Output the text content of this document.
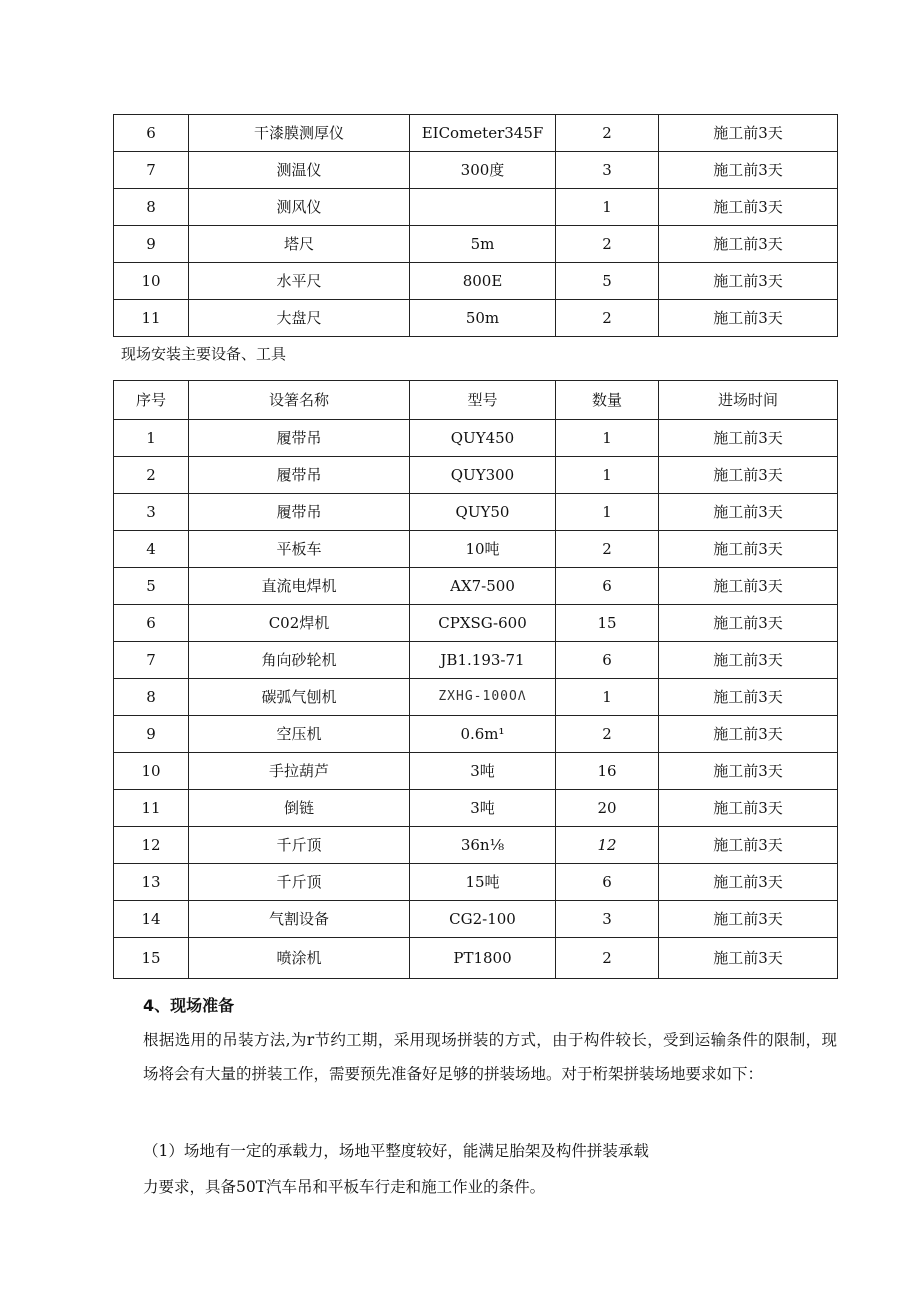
6	干漆膜测厚仪	EICometer345F	2	施工前3天
7	测温仪	300度	3	施工前3天
8	测风仪		1	施工前3天
9	塔尺	5m	2	施工前3天
10	水平尺	800E	5	施工前3天
11	大盘尺	50m	2	施工前3天
现场安装主要设备、工具
序号	设箸名称	型号	数量	进场时间
1	履带吊	QUY450	1	施工前3天
2	履带吊	QUY300	1	施工前3天
3	履带吊	QUY50	1	施工前3天
4	平板车	10吨	2	施工前3天
5	直流电焊机	AX7-500	6	施工前3天
6	C02焊机	CPXSG-600	15	施工前3天
7	角向砂轮机	JB1.193-71	6	施工前3天
8	碳弧气刨机	ZXHG-100OΛ	1	施工前3天
9	空压机	0.6m¹	2	施工前3天
10	手拉葫芦	3吨	16	施工前3天
11	倒链	3吨	20	施工前3天
12	千斤顶	36n⅛	12	施工前3天
13	千斤顶	15吨	6	施工前3天
14	气割设备	CG2-100	3	施工前3天
15	喷涂机	PT1800	2	施工前3天
4、现场准备

根据选用的吊装方法,为r节约工期，采用现场拼装的方式，由于构件较长，受到运输条件的限制，现场将会有大量的拼装工作，需要预先准备好足够的拼装场地。对于桁架拼装场地要求如下：

（1）场地有一定的承载力，场地平整度较好，能满足胎架及构件拼装承载

力要求，具备50T汽车吊和平板车行走和施工作业的条件。
